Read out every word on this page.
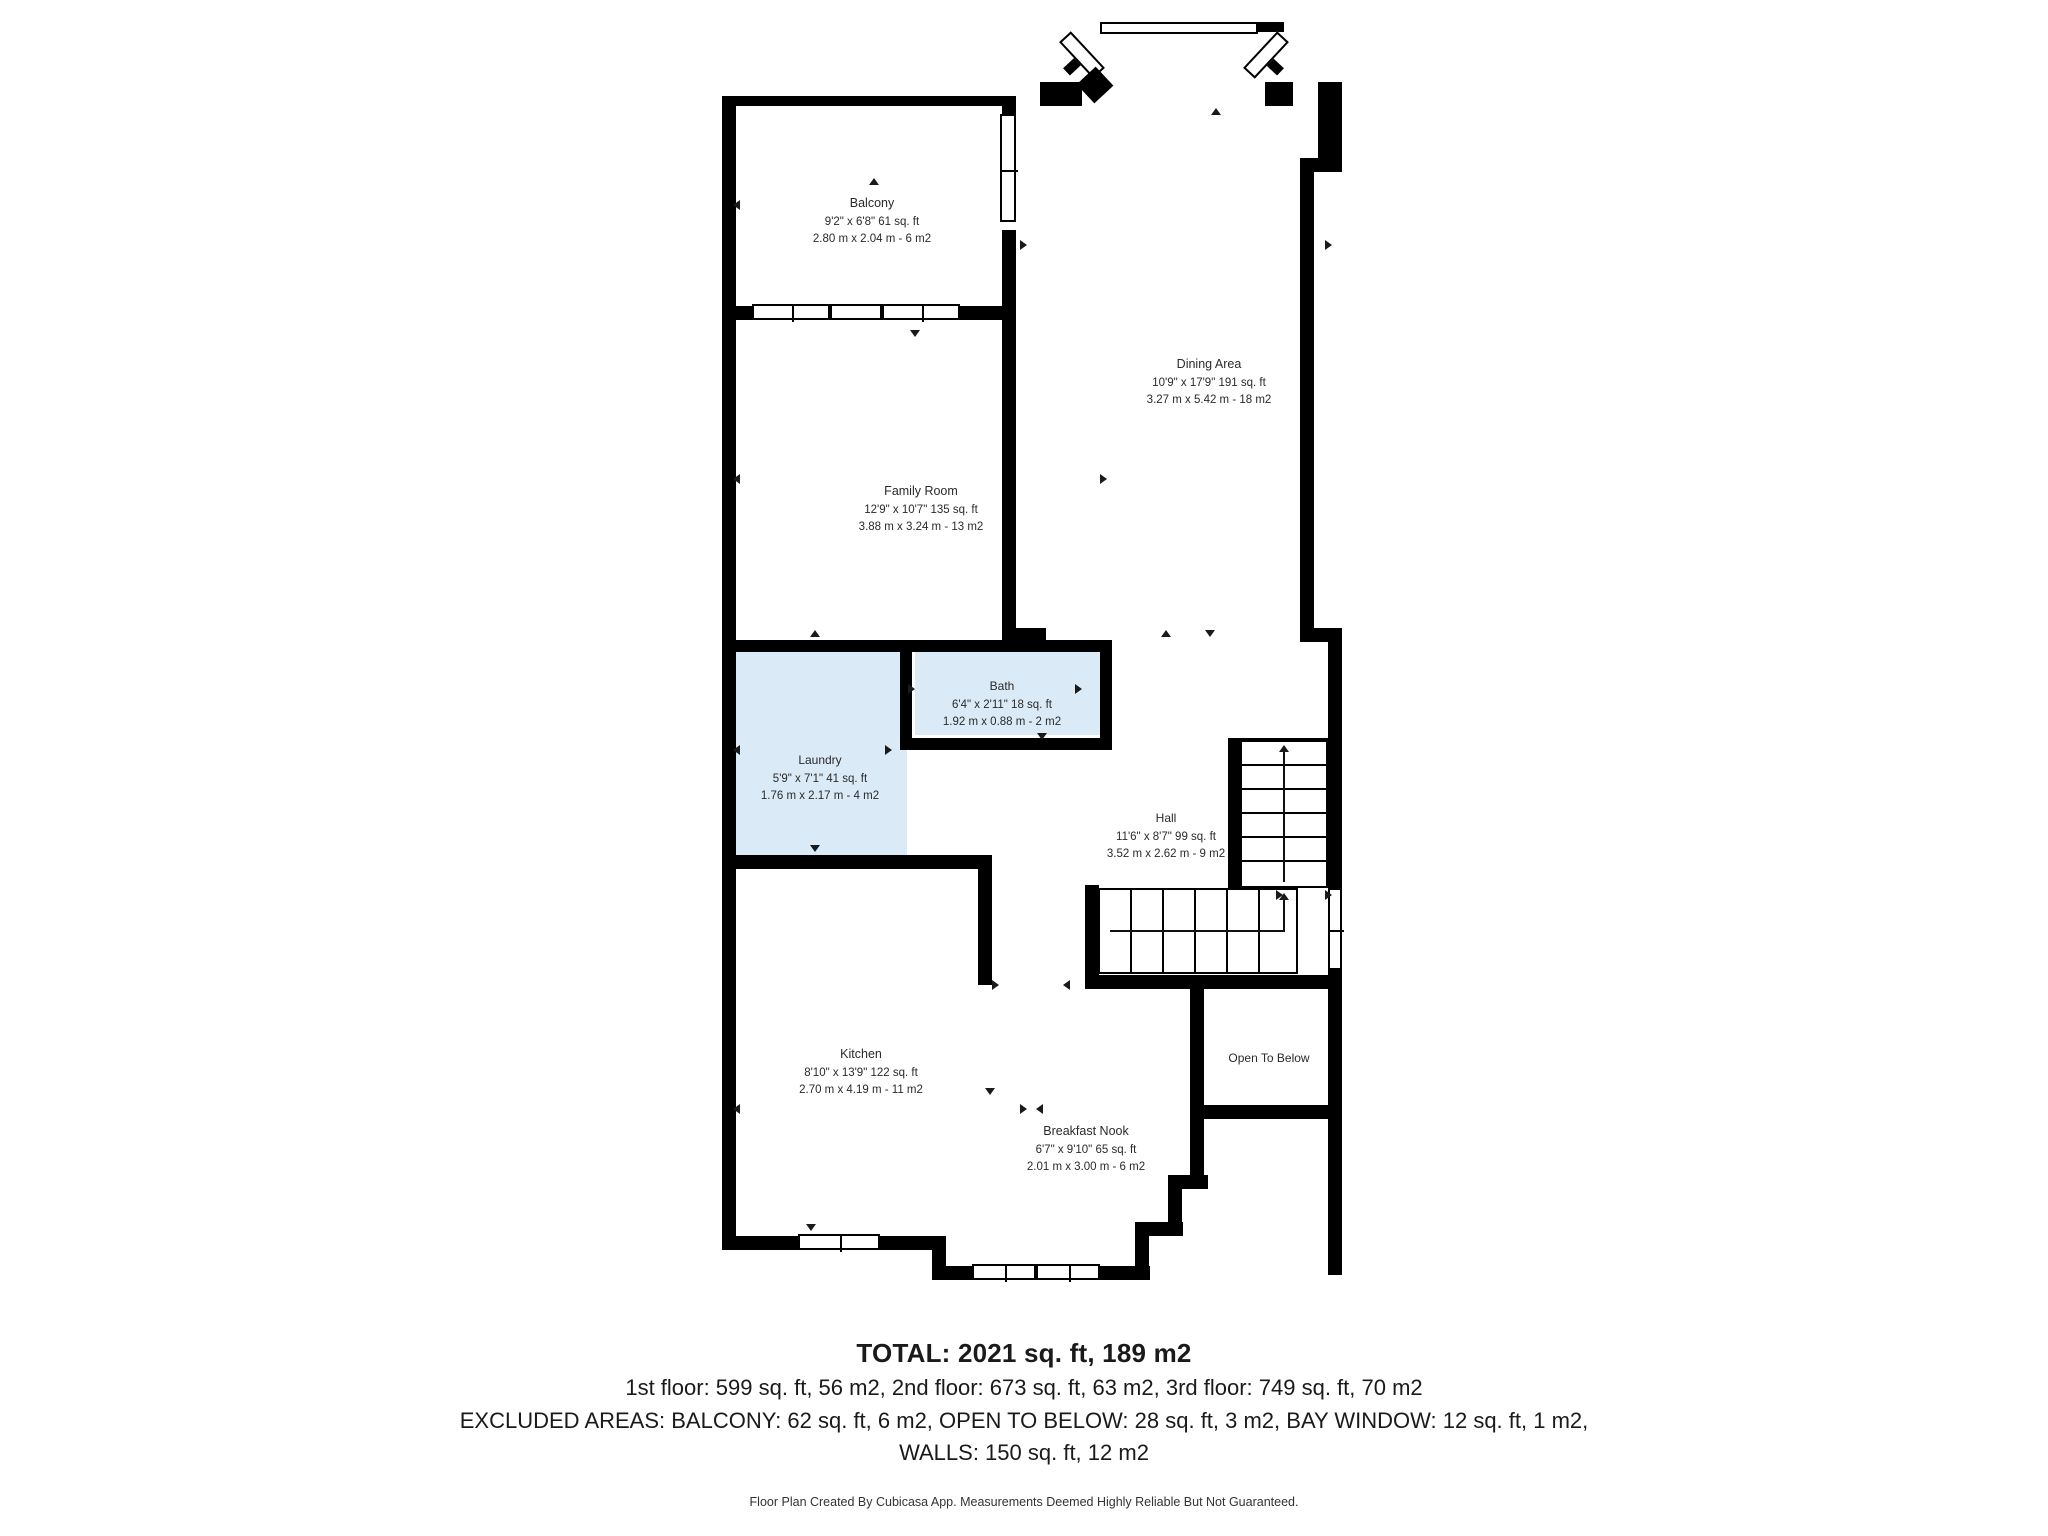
Balcony
9'2" x 6'8" 61 sq. ft
2.80 m x 2.04 m - 6 m2
Dining Area
10'9" x 17'9" 191 sq. ft
3.27 m x 5.42 m - 18 m2
Family Room
12'9" x 10'7" 135 sq. ft
3.88 m x 3.24 m - 13 m2
Bath
6'4" x 2'11" 18 sq. ft
1.92 m x 0.88 m - 2 m2
Laundry
5'9" x 7'1" 41 sq. ft
1.76 m x 2.17 m - 4 m2
Hall
11'6" x 8'7" 99 sq. ft
3.52 m x 2.62 m - 9 m2
Kitchen
8'10" x 13'9" 122 sq. ft
2.70 m x 4.19 m - 11 m2
Breakfast Nook
6'7" x 9'10" 65 sq. ft
2.01 m x 3.00 m - 6 m2
Open To Below
TOTAL: 2021 sq. ft, 189 m2
1st floor: 599 sq. ft, 56 m2, 2nd floor: 673 sq. ft, 63 m2, 3rd floor: 749 sq. ft, 70 m2
EXCLUDED AREAS: BALCONY: 62 sq. ft, 6 m2, OPEN TO BELOW: 28 sq. ft, 3 m2, BAY WINDOW: 12 sq. ft, 1 m2,
WALLS: 150 sq. ft, 12 m2
Floor Plan Created By Cubicasa App. Measurements Deemed Highly Reliable But Not Guaranteed.
